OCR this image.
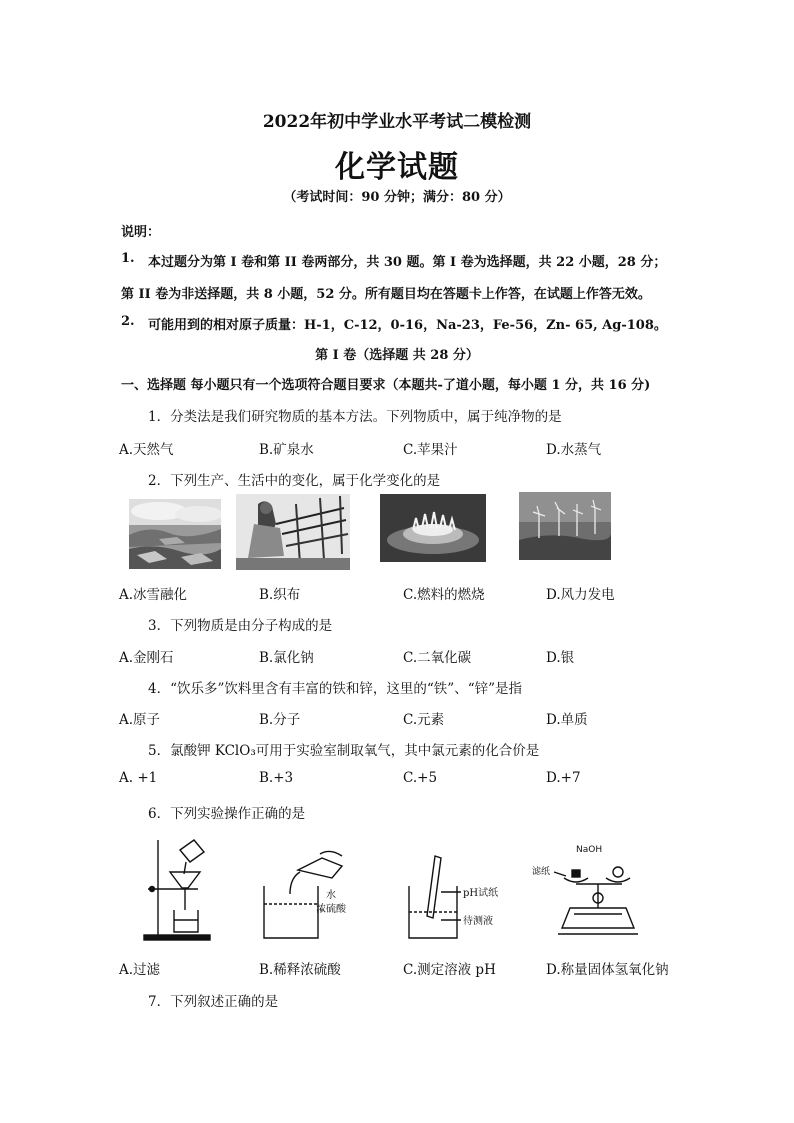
2022年初中学业水平考试二模检测
化学试题
（考试时间：90 分钟；满分：80 分）
说明：
1. 本过题分为第 I 卷和第 II 卷两部分，共 30 题。第 I 卷为选择题，共 22 小题，28 分；
第 II 卷为非送择题，共 8 小题，52 分。所有题目均在答题卡上作答，在试题上作答无效。
2. 可能用到的相对原子质量：H-1，C-12，0-16，Na-23，Fe-56，Zn- 65, Ag-108。
第 I 卷（选择题 共 28 分）
一、选择题 每小题只有一个选项符合题目要求（本题共-了道小题，每小题 1 分，共 16 分)
1．分类法是我们研究物质的基本方法。下列物质中，属于纯净物的是
A.天然气	B.矿泉水	C.苹果汁	D.水蒸气
2．下列生产、生活中的变化，属于化学变化的是
A.冰雪融化	B.织布	C.燃料的燃烧	D.风力发电
3．下列物质是由分子构成的是
A.金刚石	B.氯化钠	C.二氧化碳	D.银
4．“饮乐多”饮料里含有丰富的铁和锌，这里的“铁”、“锌”是指
A.原子	B.分子	C.元素	D.单质
5．氯酸钾 KClO₃可用于实验室制取氧气，其中氯元素的化合价是
A. +1	B.+3	C.+5	D.+7
6．下列实验操作正确的是
水
浓硫酸
pH试纸
待测液
NaOH
滤纸
A.过滤	B.稀释浓硫酸	C.测定溶液 pH	D.称量固体氢氧化钠
7．下列叙述正确的是
